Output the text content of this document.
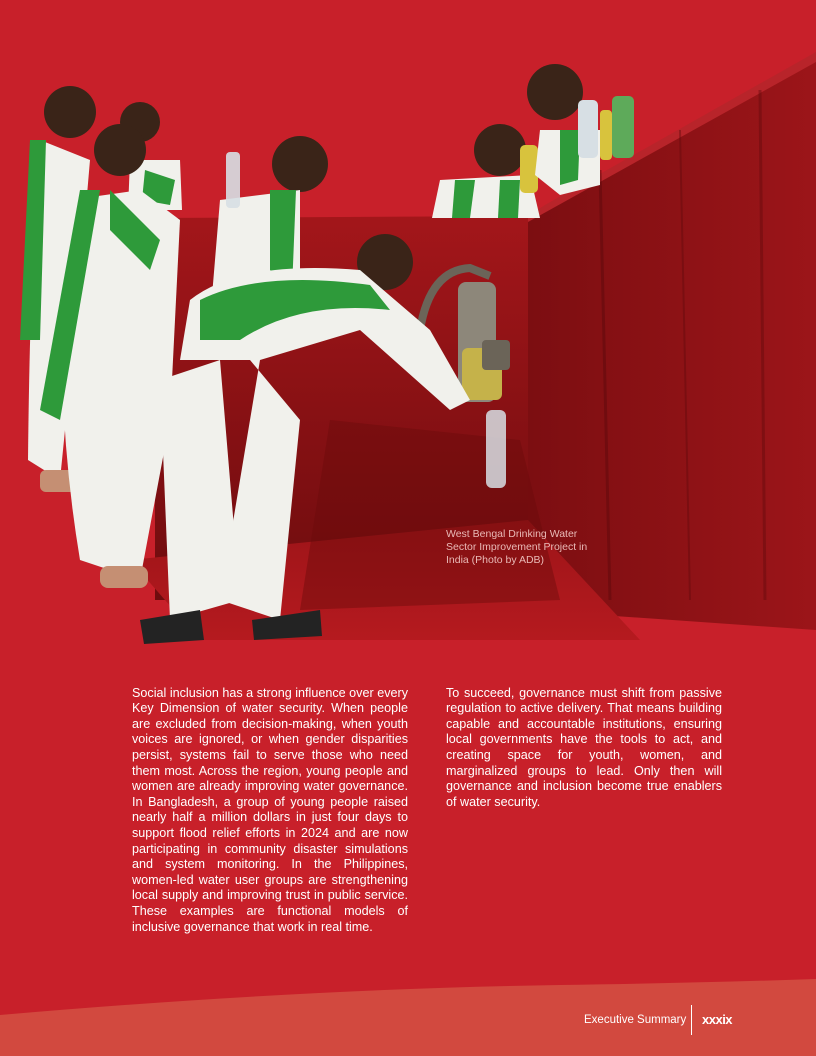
West Bengal Drinking Water Sector Improvement Project in India (Photo by ADB)

Social inclusion has a strong influence over every Key Dimension of water security. When people are excluded from decision-making, when youth voices are ignored, or when gender disparities persist, systems fail to serve those who need them most. Across the region, young people and women are already improving water governance. In Bangladesh, a group of young people raised nearly half a million dollars in just four days to support flood relief efforts in 2024 and are now participating in community disaster simulations and system monitoring. In the Philippines, women-led water user groups are strengthening local supply and improving trust in public service. These examples are functional models of inclusive governance that work in real time.

To succeed, governance must shift from passive regulation to active delivery. That means building capable and accountable institutions, ensuring local governments have the tools to act, and creating space for youth, women, and marginalized groups to lead. Only then will governance and inclusion become true enablers of water security.

Executive Summary xxxix
